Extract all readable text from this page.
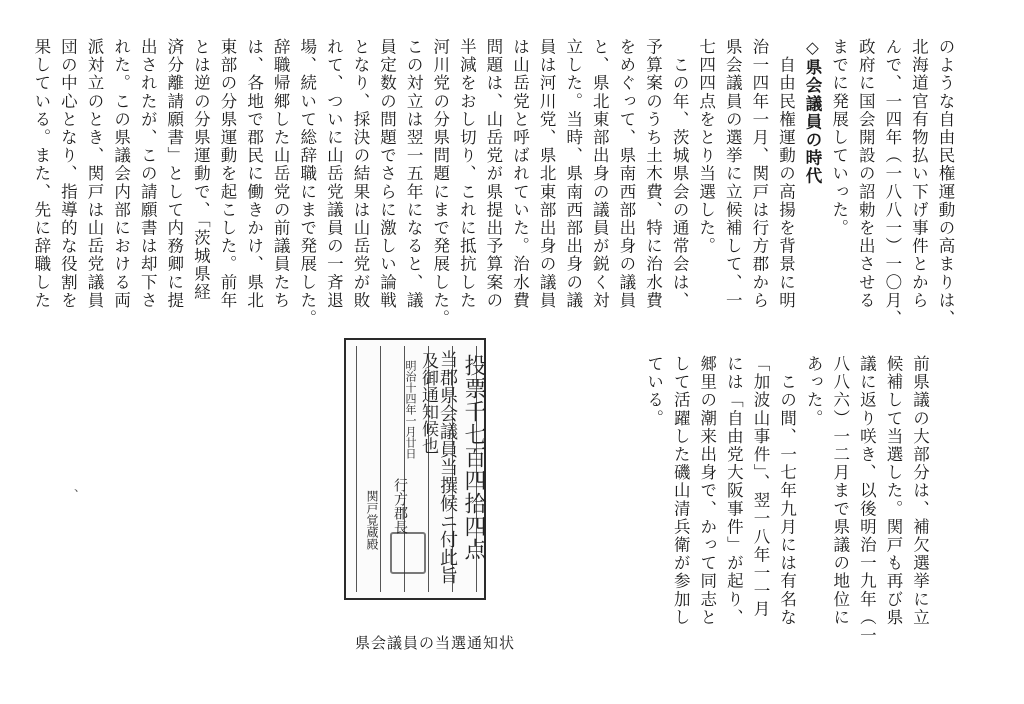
のような自由民権運動の高まりは、
北海道官有物払い下げ事件とから
んで、一四年（一八八一）一〇月、
政府に国会開設の詔勅を出させる
までに発展していった。
◇県会議員の時代
　自由民権運動の高揚を背景に明
治一四年一月、関戸は行方郡から
県会議員の選挙に立候補して、一
七四四点をとり当選した。
　この年、茨城県会の通常会は、
予算案のうち土木費、特に治水費
をめぐって、県南西部出身の議員
と、県北東部出身の議員が鋭く対
立した。当時、県南西部出身の議
員は河川党、県北東部出身の議員
は山岳党と呼ばれていた。治水費
問題は、山岳党が県提出予算案の
半減をおし切り、これに抵抗した
河川党の分県問題にまで発展した。
この対立は翌一五年になると、議
員定数の問題でさらに激しい論戦
となり、採決の結果は山岳党が敗
れて、ついに山岳党議員の一斉退
場、続いて総辞職にまで発展した。
辞職帰郷した山岳党の前議員たち
は、各地で郡民に働きかけ、県北
東部の分県運動を起こした。前年
とは逆の分県運動で、「茨城県経
済分離請願書」として内務卿に提
出されたが、この請願書は却下さ
れた。この県議会内部における両
派対立のとき、関戸は山岳党議員
団の中心となり、指導的な役割を
果している。また、先に辞職した
前県議の大部分は、補欠選挙に立
候補して当選した。関戸も再び県
議に返り咲き、以後明治一九年（一
八八六）一二月まで県議の地位に
あった。
　この間、一七年九月には有名な
「加波山事件」、翌一八年一一月
には「自由党大阪事件」が起り、
郷里の潮来出身で、かって同志と
して活躍した磯山清兵衛が参加し
ている。
投票千七百四拾四点
当郡県会議員当撰候ニ付此旨
及御通知候也
明治十四年一月廿日
行方郡長
関戸覚蔵殿
県会議員の当選通知状
、
